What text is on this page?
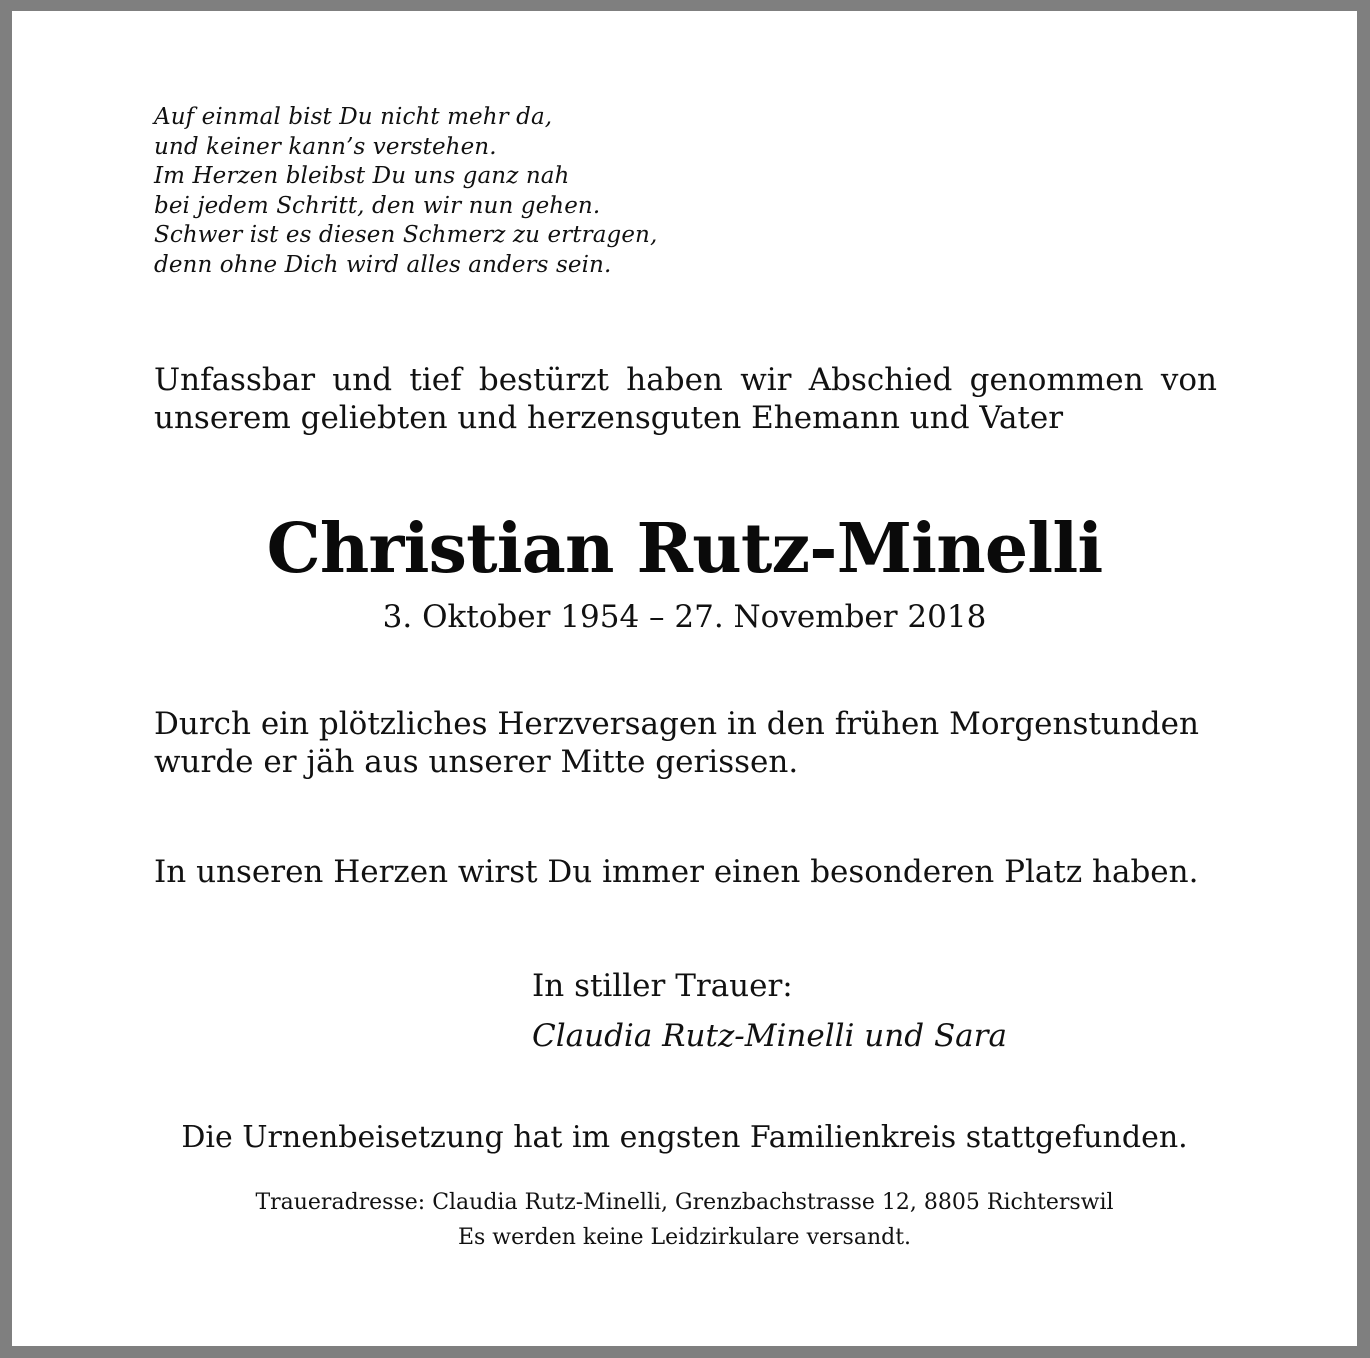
Auf einmal bist Du nicht mehr da,
und keiner kann’s verstehen.
Im Herzen bleibst Du uns ganz nah
bei jedem Schritt, den wir nun gehen.
Schwer ist es diesen Schmerz zu ertragen,
denn ohne Dich wird alles anders sein.
Unfassbar und tief bestürzt haben wir Abschied genommen von
unserem geliebten und herzensguten Ehemann und Vater
Christian Rutz-Minelli
3. Oktober 1954 – 27. November 2018
Durch ein plötzliches Herzversagen in den frühen Morgenstunden
wurde er jäh aus unserer Mitte gerissen.
In unseren Herzen wirst Du immer einen besonderen Platz haben.
In stiller Trauer:
Claudia Rutz-Minelli und Sara
Die Urnenbeisetzung hat im engsten Familienkreis stattgefunden.
Traueradresse: Claudia Rutz-Minelli, Grenzbachstrasse 12, 8805 Richterswil
Es werden keine Leidzirkulare versandt.
